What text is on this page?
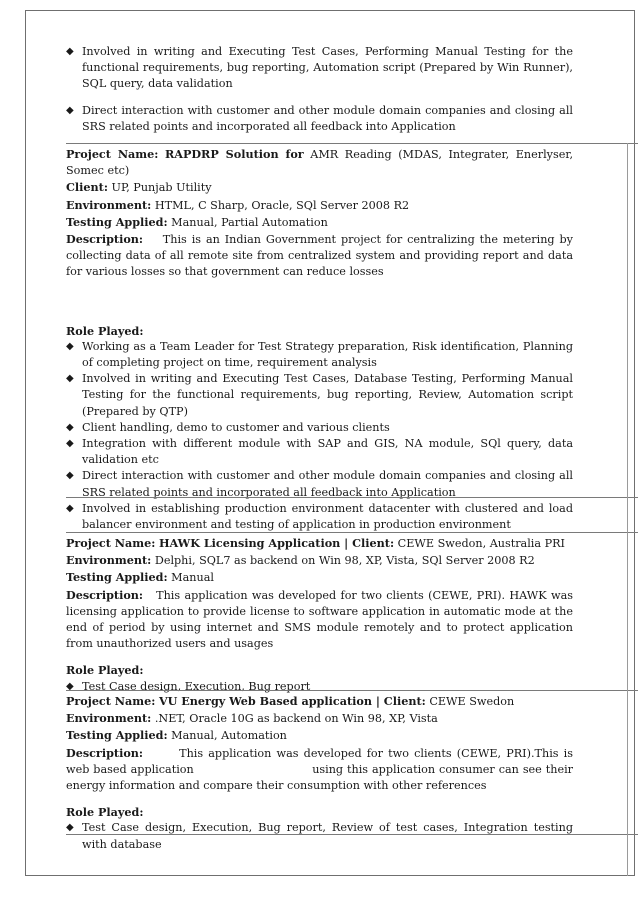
◆ Involved in writing and Executing Test Cases, Performing Manual Testing for the functional requirements, bug reporting, Automation script (Prepared by Win Runner), SQL query, data validation
◆ Direct interaction with customer and other module domain companies and closing all SRS related points and incorporated all feedback into Application

Project Name: RAPDRP Solution for AMR Reading (MDAS, Integrater, Enerlyser, Somec etc)

Client: UP, Punjab Utility

Environment: HTML, C Sharp, Oracle, SQl Server 2008 R2

Testing Applied: Manual, Partial Automation

Description: This is an Indian Government project for centralizing the metering by collecting data of all remote site from centralized system and providing report and data for various losses so that government can reduce losses

Role Played:

◆ Working as a Team Leader for Test Strategy preparation, Risk identification, Planning of completing project on time, requirement analysis
◆ Involved in writing and Executing Test Cases, Database Testing, Performing Manual Testing for the functional requirements, bug reporting, Review, Automation script (Prepared by QTP)
◆ Client handling, demo to customer and various clients
◆ Integration with different module with SAP and GIS, NA module, SQl query, data validation etc
◆ Direct interaction with customer and other module domain companies and closing all SRS related points and incorporated all feedback into Application
◆ Involved in establishing production environment datacenter with clustered and load balancer environment and testing of application in production environment

Project Name: HAWK Licensing Application | Client: CEWE Swedon, Australia PRI

Environment: Delphi, SQL7 as backend on Win 98, XP, Vista, SQl Server 2008 R2

Testing Applied: Manual

Description: This application was developed for two clients (CEWE, PRI). HAWK was licensing application to provide license to software application in automatic mode at the end of period by using internet and SMS module remotely and to protect application from unauthorized users and usages

Role Played:

◆ Test Case design, Execution, Bug report

Project Name: VU Energy Web Based application | Client: CEWE Swedon

Environment: .NET, Oracle 10G as backend on Win 98, XP, Vista

Testing Applied: Manual, Automation

Description:	This application was developed for two clients (CEWE, PRI).This is web based application                              using this application consumer can see their energy information and compare their consumption with other references

Role Played:

◆ Test Case design, Execution, Bug report, Review of test cases, Integration testing with database
